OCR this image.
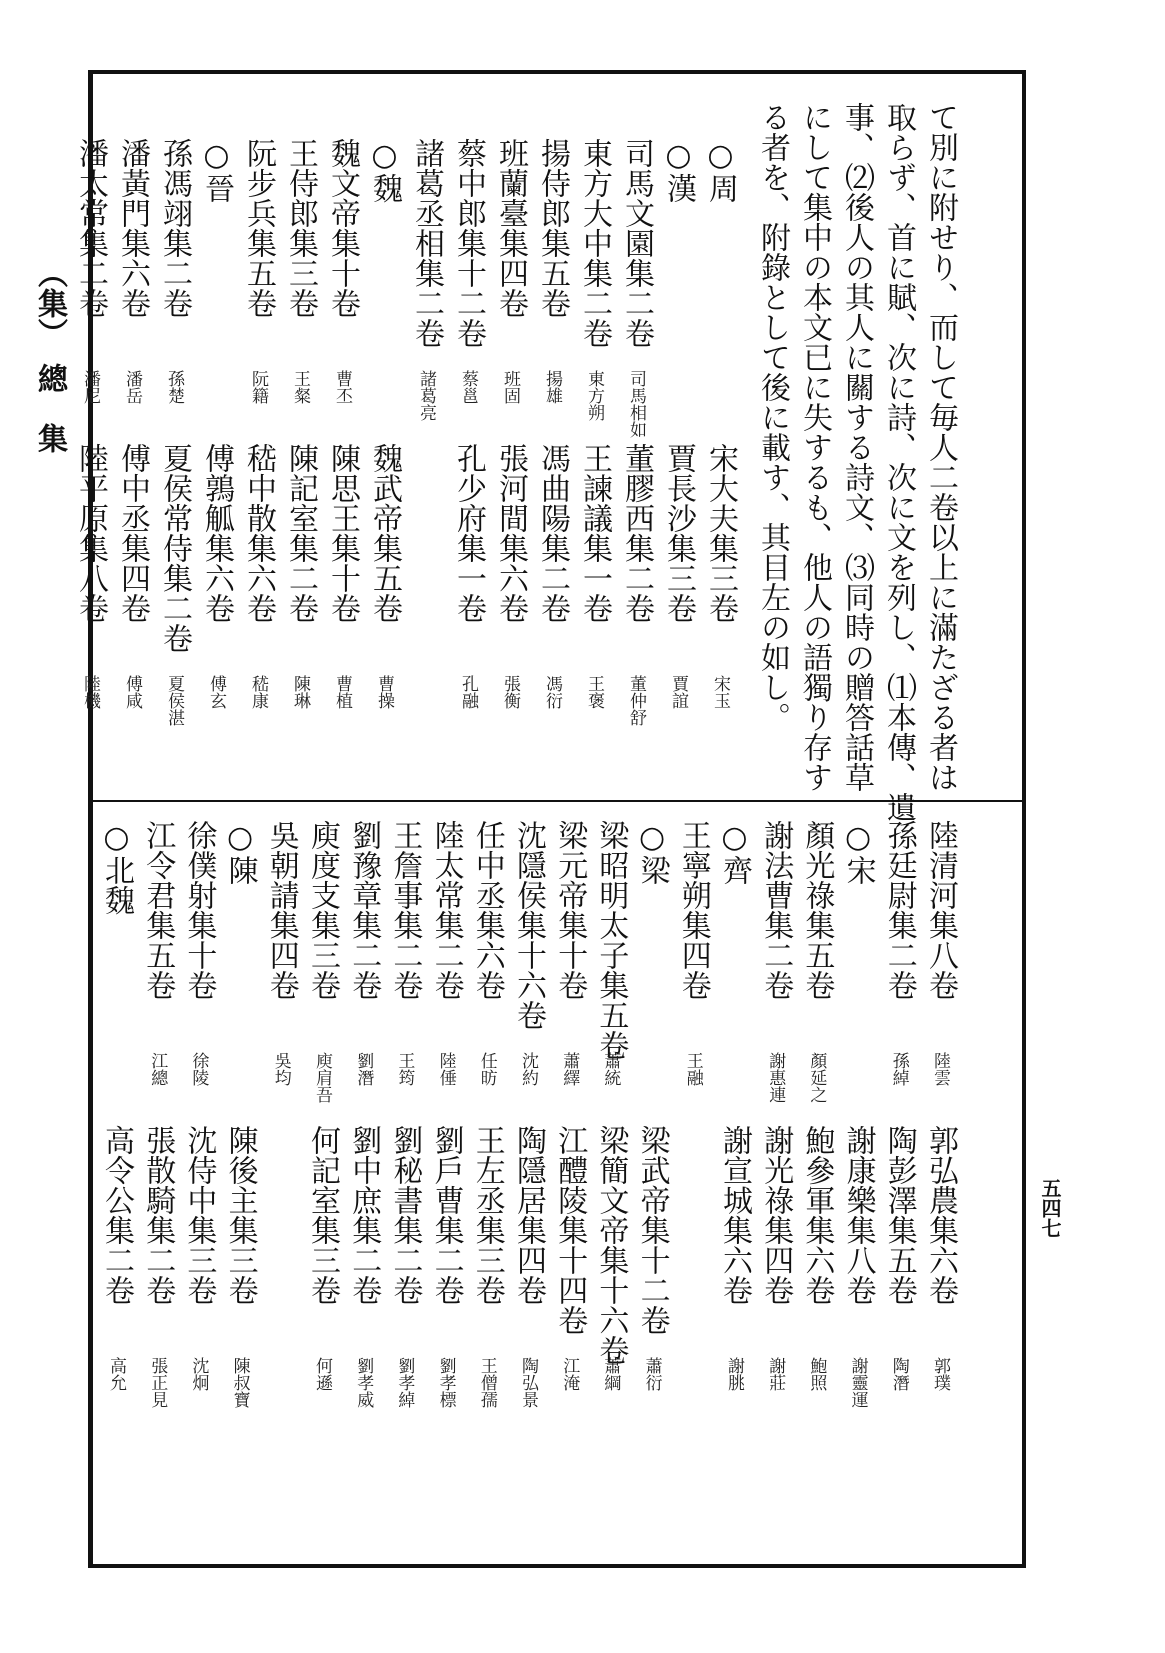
（集）　總　集
五四七
て別に附せり、而して毎人二卷以上に滿たざる者は
取らず、首に賦、次に詩、次に文を列し、⑴本傳、遺
事、⑵後人の其人に關する詩文、⑶同時の贈答話草
にして集中の本文已に失するも、他人の語獨り存す
る者を、附錄として後に載す、其目左の如し。
○周
宋大夫集三卷
宋玉
○漢
賈長沙集三卷
賈誼
司馬文園集二卷
司馬相如
董膠西集二卷
董仲舒
東方大中集二卷
東方朔
王諫議集一卷
王褒
揚侍郎集五卷
揚雄
馮曲陽集二卷
馮衍
班蘭臺集四卷
班固
張河間集六卷
張衡
蔡中郎集十二卷
蔡邕
孔少府集一卷
孔融
諸葛丞相集二卷
諸葛亮
○魏
魏武帝集五卷
曹操
魏文帝集十卷
曹丕
陳思王集十卷
曹植
王侍郎集三卷
王粲
陳記室集二卷
陳琳
阮步兵集五卷
阮籍
嵇中散集六卷
嵇康
○晉
傅鶉觚集六卷
傅玄
孫馮翊集二卷
孫楚
夏侯常侍集二卷
夏侯湛
潘黃門集六卷
潘岳
傅中丞集四卷
傅咸
潘太常集二卷
潘尼
陸平原集八卷
陸機
陸清河集八卷
陸雲
郭弘農集六卷
郭璞
孫廷尉集二卷
孫綽
陶彭澤集五卷
陶潛
○宋
謝康樂集八卷
謝靈運
顏光祿集五卷
顏延之
鮑參軍集六卷
鮑照
謝法曹集二卷
謝惠連
謝光祿集四卷
謝莊
○齊
謝宣城集六卷
謝朓
王寧朔集四卷
王融
○梁
梁武帝集十二卷
蕭衍
梁昭明太子集五卷
蕭統
梁簡文帝集十六卷
蕭綱
梁元帝集十卷
蕭繹
江醴陵集十四卷
江淹
沈隱侯集十六卷
沈約
陶隱居集四卷
陶弘景
任中丞集六卷
任昉
王左丞集三卷
王僧孺
陸太常集二卷
陸倕
劉戶曹集二卷
劉孝標
王詹事集二卷
王筠
劉秘書集二卷
劉孝綽
劉豫章集二卷
劉潛
劉中庶集二卷
劉孝威
庾度支集三卷
庾肩吾
何記室集三卷
何遜
吳朝請集四卷
吳均
○陳
陳後主集三卷
陳叔寶
徐僕射集十卷
徐陵
沈侍中集三卷
沈炯
江令君集五卷
江總
張散騎集二卷
張正見
○北魏
高令公集二卷
高允
